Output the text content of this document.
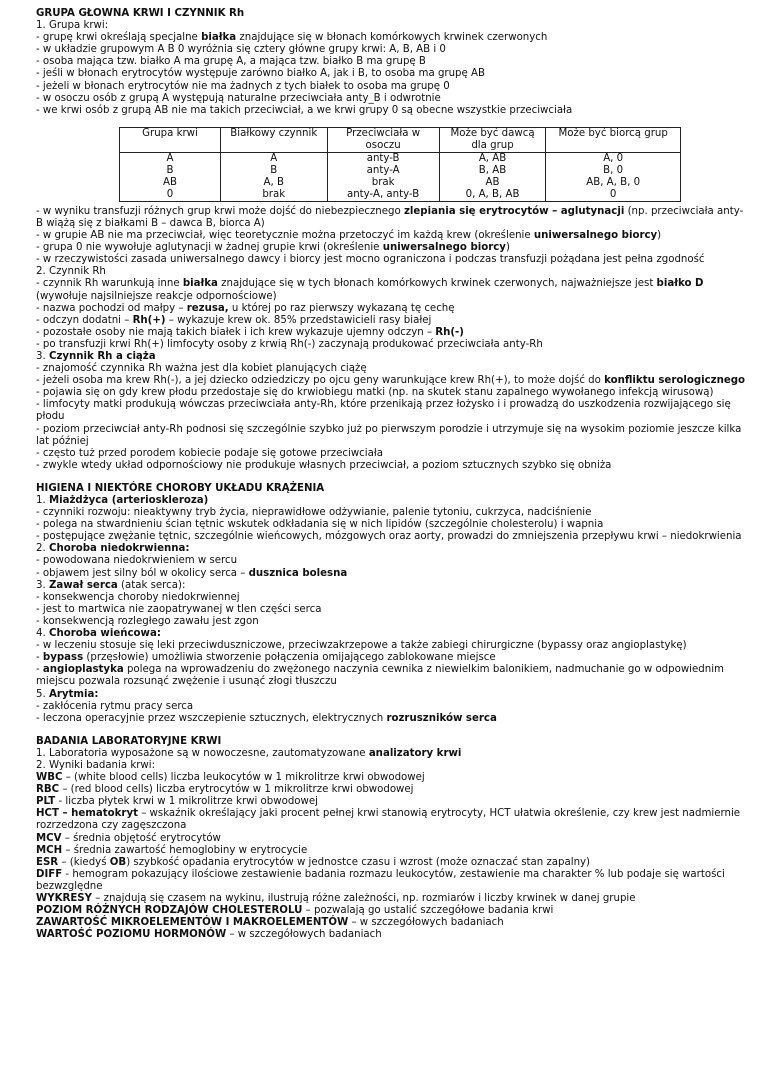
GRUPA GŁOWNA KRWI I CZYNNIK Rh
1. Grupa krwi:
- grupę krwi określają specjalne białka znajdujące się w błonach komórkowych krwinek czerwonych
- w układzie grupowym A B 0 wyróżnia się cztery główne grupy krwi: A, B, AB i 0
- osoba mająca tzw. białko A ma grupę A, a mająca tzw. białko B ma grupę B
- jeśli w błonach erytrocytów występuje zarówno białko A, jak i B, to osoba ma grupę AB
- jeżeli w błonach erytrocytów nie ma żadnych z tych białek to osoba ma grupę 0
- w osoczu osób z grupą A występują naturalne przeciwciała anty_B i odwrotnie
- we krwi osób z grupą AB nie ma takich przeciwciał, a we krwi grupy 0 są obecne wszystkie przeciwciała
Grupa krwi	Białkowy czynnik	Przeciwciała w osoczu	Może być dawcą dla grup	Może być biorcą grup
A	A	anty-B	A, AB	A, 0
B	B	anty-A	B, AB	B, 0
AB	A, B	brak	AB	AB, A, B, 0
0	brak	anty-A, anty-B	0, A, B, AB	0
- w wyniku transfuzji różnych grup krwi może dojść do niebezpiecznego zlepiania się erytrocytów – aglutynacji (np. przeciwciała anty-B wiążą się z białkami B – dawca B, biorca A)
- w grupie AB nie ma przeciwciał, więc teoretycznie można przetoczyć im każdą krew (określenie uniwersalnego biorcy)
- grupa 0 nie wywołuje aglutynacji w żadnej grupie krwi (określenie uniwersalnego biorcy)
- w rzeczywistości zasada uniwersalnego dawcy i biorcy jest mocno ograniczona i podczas transfuzji pożądana jest pełna zgodność
2. Czynnik Rh
- czynnik Rh warunkują inne białka znajdujące się w tych błonach komórkowych krwinek czerwonych, najważniejsze jest białko D (wywołuje najsilniejsze reakcje odpornościowe)
- nazwa pochodzi od małpy – rezusa, u której po raz pierwszy wykazaną tę cechę
- odczyn dodatni – Rh(+) – wykazuje krew ok. 85% przedstawicieli rasy białej
- pozostałe osoby nie mają takich białek i ich krew wykazuje ujemny odczyn – Rh(-)
- po transfuzji krwi Rh(+) limfocyty osoby z krwią Rh(-) zaczynają produkować przeciwciała anty-Rh
3. Czynnik Rh a ciąża
- znajomość czynnika Rh ważna jest dla kobiet planujących ciążę
- jeżeli osoba ma krew Rh(-), a jej dziecko odziedziczy po ojcu geny warunkujące krew Rh(+), to może dojść do konfliktu serologicznego
- pojawia się on gdy krew płodu przedostaje się do krwiobiegu matki (np. na skutek stanu zapalnego wywołanego infekcją wirusową)
- limfocyty matki produkują wówczas przeciwciała anty-Rh, które przenikają przez łożysko i i prowadzą do uszkodzenia rozwijającego się płodu
- poziom przeciwciał anty-Rh podnosi się szczególnie szybko już po pierwszym porodzie i utrzymuje się na wysokim poziomie jeszcze kilka lat później
- często tuż przed porodem kobiecie podaje się gotowe przeciwciała
- zwykle wtedy układ odpornościowy nie produkuje własnych przeciwciał, a poziom sztucznych szybko się obniża
HIGIENA I NIEKTÓRE CHOROBY UKŁADU KRĄŻENIA
1. Miażdżyca (arterioskleroza)
- czynniki rozwoju: nieaktywny tryb życia, nieprawidłowe odżywianie, palenie tytoniu, cukrzyca, nadciśnienie
- polega na stwardnieniu ścian tętnic wskutek odkładania się w nich lipidów (szczególnie cholesterolu) i wapnia
- postępujące zwężanie tętnic, szczególnie wieńcowych, mózgowych oraz aorty, prowadzi do zmniejszenia przepływu krwi – niedokrwienia
2. Choroba niedokrwienna:
- powodowana niedokrwieniem w sercu
- objawem jest silny ból w okolicy serca – dusznica bolesna
3. Zawał serca (atak serca):
- konsekwencja choroby niedokrwiennej
- jest to martwica nie zaopatrywanej w tlen części serca
- konsekwencją rozległego zawału jest zgon
4. Choroba wieńcowa:
- w leczeniu stosuje się leki przeciwduszniczowe, przeciwzakrzepowe a także zabiegi chirurgiczne (bypassy oraz angioplastykę)
- bypass (przęsłowie) umożliwia stworzenie połączenia omijającego zablokowane miejsce
- angioplastyka polega na wprowadzeniu do zwężonego naczynia cewnika z niewielkim balonikiem, nadmuchanie go w odpowiednim miejscu pozwala rozsunąć zwężenie i usunąć złogi tłuszczu
5. Arytmia:
- zakłócenia rytmu pracy serca
- leczona operacyjnie przez wszczepienie sztucznych, elektrycznych rozruszników serca
BADANIA LABORATORYJNE KRWI
1. Laboratoria wyposażone są w nowoczesne, zautomatyzowane analizatory krwi
2. Wyniki badania krwi:
WBC – (white blood cells) liczba leukocytów w 1 mikrolitrze krwi obwodowej
RBC – (red blood cells) liczba erytrocytów w 1 mikrolitrze krwi obwodowej
PLT - liczba płytek krwi w 1 mikrolitrze krwi obwodowej
HCT – hematokryt – wskaźnik określający jaki procent pełnej krwi stanowią erytrocyty, HCT ułatwia określenie, czy krew jest nadmiernie rozrzedzona czy zagęszczona
MCV – średnia objętość erytrocytów
MCH – średnia zawartość hemoglobiny w erytrocycie
ESR – (kiedyś OB) szybkość opadania erytrocytów w jednostce czasu i wzrost (może oznaczać stan zapalny)
DIFF - hemogram pokazujący ilościowe zestawienie badania rozmazu leukocytów, zestawienie ma charakter % lub podaje się wartości bezwzględne
WYKRESY – znajdują się czasem na wykinu, ilustrują różne zależności, np. rozmiarów i liczby krwinek w danej grupie
POZIOM RÓŻNYCH RODZAJÓW CHOLESTEROLU – pozwalają go ustalić szczegółowe badania krwi
ZAWARTOŚĆ MIKROELEMENTÓW I MAKROELEMENTÓW – w szczegółowych badaniach
WARTOŚĆ POZIOMU HORMONÓW – w szczegółowych badaniach
